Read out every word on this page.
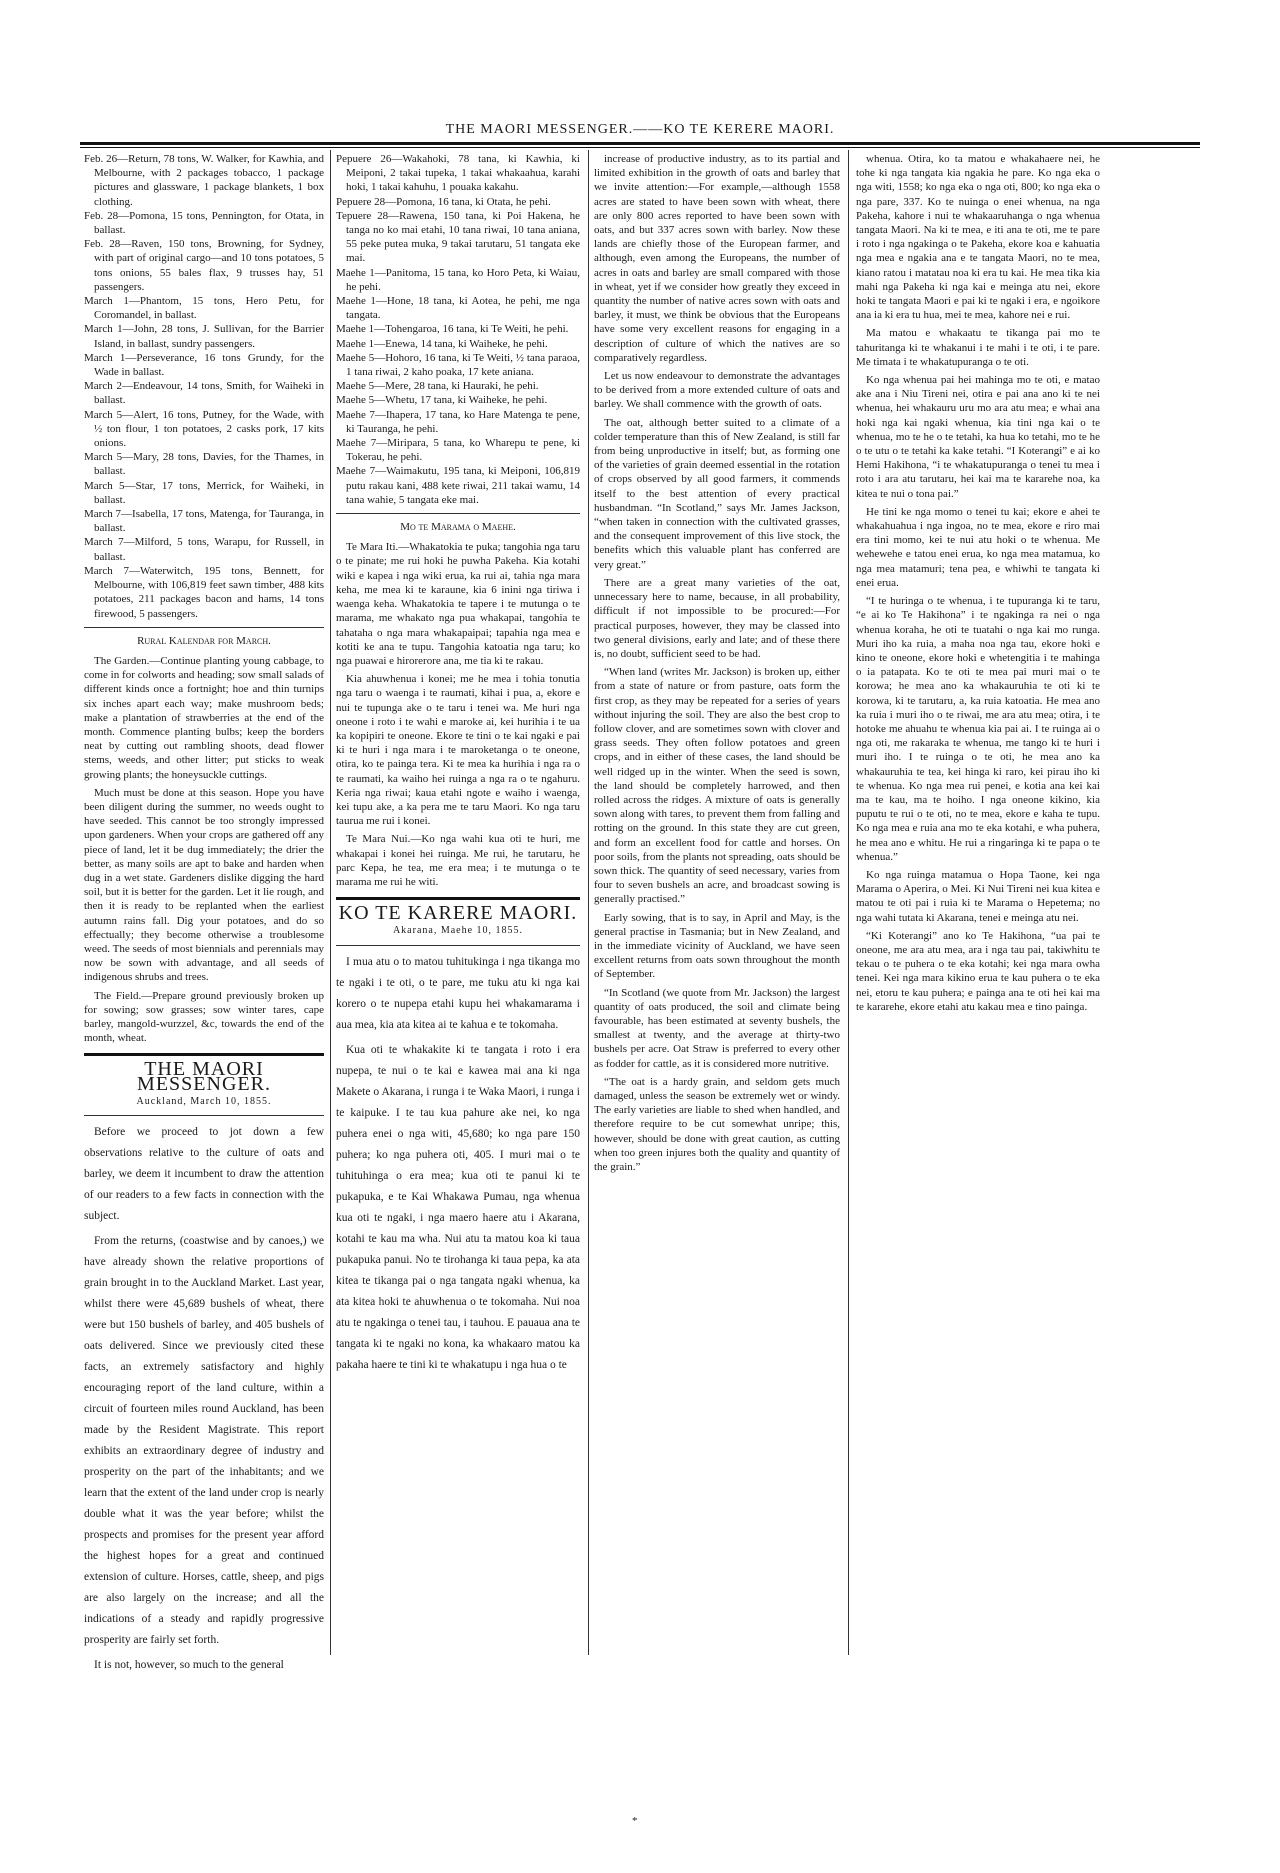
THE MAORI MESSENGER.——KO TE KERERE MAORI.

Feb. 26—Return, 78 tons, W. Walker, for Kawhia, and Melbourne, with 2 packages tobacco, 1 package pictures and glassware, 1 package blankets, 1 box clothing.

Feb. 28—Pomona, 15 tons, Pennington, for Otata, in ballast.

Feb. 28—Raven, 150 tons, Browning, for Sydney, with part of original cargo—and 10 tons potatoes, 5 tons onions, 55 bales flax, 9 trusses hay, 51 passengers.

March 1—Phantom, 15 tons, Hero Petu, for Coromandel, in ballast.

March 1—John, 28 tons, J. Sullivan, for the Barrier Island, in ballast, sundry passengers.

March 1—Perseverance, 16 tons Grundy, for the Wade in ballast.

March 2—Endeavour, 14 tons, Smith, for Waiheki in ballast.

March 5—Alert, 16 tons, Putney, for the Wade, with ½ ton flour, 1 ton potatoes, 2 casks pork, 17 kits onions.

March 5—Mary, 28 tons, Davies, for the Thames, in ballast.

March 5—Star, 17 tons, Merrick, for Waiheki, in ballast.

March 7—Isabella, 17 tons, Matenga, for Tauranga, in ballast.

March 7—Milford, 5 tons, Warapu, for Russell, in ballast.

March 7—Waterwitch, 195 tons, Bennett, for Melbourne, with 106,819 feet sawn timber, 488 kits potatoes, 211 packages bacon and hams, 14 tons firewood, 5 passengers.

Rural Kalendar for March.

The Garden.—Continue planting young cabbage, to come in for colworts and heading; sow small salads of different kinds once a fortnight; hoe and thin turnips six inches apart each way; make mushroom beds; make a plantation of strawberries at the end of the month. Commence planting bulbs; keep the borders neat by cutting out rambling shoots, dead flower stems, weeds, and other litter; put sticks to weak growing plants; the honeysuckle cuttings.

Much must be done at this season. Hope you have been diligent during the summer, no weeds ought to have seeded. This cannot be too strongly impressed upon gardeners. When your crops are gathered off any piece of land, let it be dug immediately; the drier the better, as many soils are apt to bake and harden when dug in a wet state. Gardeners dislike digging the hard soil, but it is better for the garden. Let it lie rough, and then it is ready to be replanted when the earliest autumn rains fall. Dig your potatoes, and do so effectually; they become otherwise a troublesome weed. The seeds of most biennials and perennials may now be sown with advantage, and all seeds of indigenous shrubs and trees.

The Field.—Prepare ground previously broken up for sowing; sow grasses; sow winter tares, cape barley, mangold-wurzzel, &c, towards the end of the month, wheat.

THE MAORI MESSENGER.
Auckland, March 10, 1855.

Before we proceed to jot down a few observations relative to the culture of oats and barley, we deem it incumbent to draw the attention of our readers to a few facts in connection with the subject.

From the returns, (coastwise and by canoes,) we have already shown the relative proportions of grain brought in to the Auckland Market. Last year, whilst there were 45,689 bushels of wheat, there were but 150 bushels of barley, and 405 bushels of oats delivered. Since we previously cited these facts, an extremely satisfactory and highly encouraging report of the land culture, within a circuit of fourteen miles round Auckland, has been made by the Resident Magistrate. This report exhibits an extraordinary degree of industry and prosperity on the part of the inhabitants; and we learn that the extent of the land under crop is nearly double what it was the year before; whilst the prospects and promises for the present year afford the highest hopes for a great and continued extension of culture. Horses, cattle, sheep, and pigs are also largely on the increase; and all the indications of a steady and rapidly progressive prosperity are fairly set forth.

It is not, however, so much to the general

Pepuere 26—Wakahoki, 78 tana, ki Kawhia, ki Meiponi, 2 takai tupeka, 1 takai whakaahua, karahi hoki, 1 takai kahuhu, 1 pouaka kakahu.

Pepuere 28—Pomona, 16 tana, ki Otata, he pehi.

Tepuere 28—Rawena, 150 tana, ki Poi Hakena, he tanga no ko mai etahi, 10 tana riwai, 10 tana aniana, 55 peke putea muka, 9 takai tarutaru, 51 tangata eke mai.

Maehe 1—Panitoma, 15 tana, ko Horo Peta, ki Waiau, he pehi.

Maehe 1—Hone, 18 tana, ki Aotea, he pehi, me nga tangata.

Maehe 1—Tohengaroa, 16 tana, ki Te Weiti, he pehi.

Maehe 1—Enewa, 14 tana, ki Waiheke, he pehi.

Maehe 5—Hohoro, 16 tana, ki Te Weiti, ½ tana paraoa, 1 tana riwai, 2 kaho poaka, 17 kete aniana.

Maehe 5—Mere, 28 tana, ki Hauraki, he pehi.

Maehe 5—Whetu, 17 tana, ki Waiheke, he pehi.

Maehe 7—Ihapera, 17 tana, ko Hare Matenga te pene, ki Tauranga, he pehi.

Maehe 7—Miripara, 5 tana, ko Wharepu te pene, ki Tokerau, he pehi.

Maehe 7—Waimakutu, 195 tana, ki Meiponi, 106,819 putu rakau kani, 488 kete riwai, 211 takai wamu, 14 tana wahie, 5 tangata eke mai.

Mo te Marama o Maehe.

Te Mara Iti.—Whakatokia te puka; tangohia nga taru o te pinate; me rui hoki he puwha Pakeha. Kia kotahi wiki e kapea i nga wiki erua, ka rui ai, tahia nga mara keha, me mea ki te karaune, kia 6 inini nga tiriwa i waenga keha. Whakatokia te tapere i te mutunga o te marama, me whakato nga pua whakapai, tangohia te tahataha o nga mara whakapaipai; tapahia nga mea e kotiti ke ana te tupu. Tangohia katoatia nga taru; ko nga puawai e hirorerore ana, me tia ki te rakau.

Kia ahuwhenua i konei; me he mea i tohia tonutia nga taru o waenga i te raumati, kihai i pua, a, ekore e nui te tupunga ake o te taru i tenei wa. Me huri nga oneone i roto i te wahi e maroke ai, kei hurihia i te ua ka kopipiri te oneone. Ekore te tini o te kai ngaki e pai ki te huri i nga mara i te maroketanga o te oneone, otira, ko te painga tera. Ki te mea ka hurihia i nga ra o te raumati, ka waiho hei ruinga a nga ra o te ngahuru. Keria nga riwai; kaua etahi ngote e waiho i waenga, kei tupu ake, a ka pera me te taru Maori. Ko nga taru taurua me rui i konei.

Te Mara Nui.—Ko nga wahi kua oti te huri, me whakapai i konei hei ruinga. Me rui, he tarutaru, he parc Kepa, he tea, me era mea; i te mutunga o te marama me rui he witi.

KO TE KARERE MAORI.
Akarana, Maehe 10, 1855.

I mua atu o to matou tuhitukinga i nga tikanga mo te ngaki i te oti, o te pare, me tuku atu ki nga kai korero o te nupepa etahi kupu hei whakamarama i aua mea, kia ata kitea ai te kahua e te tokomaha.

Kua oti te whakakite ki te tangata i roto i era nupepa, te nui o te kai e kawea mai ana ki nga Makete o Akarana, i runga i te Waka Maori, i runga i te kaipuke. I te tau kua pahure ake nei, ko nga puhera enei o nga witi, 45,680; ko nga pare 150 puhera; ko nga puhera oti, 405. I muri mai o te tuhituhinga o era mea; kua oti te panui ki te pukapuka, e te Kai Whakawa Pumau, nga whenua kua oti te ngaki, i nga maero haere atu i Akarana, kotahi te kau ma wha. Nui atu ta matou koa ki taua pukapuka panui. No te tirohanga ki taua pepa, ka ata kitea te tikanga pai o nga tangata ngaki whenua, ka ata kitea hoki te ahuwhenua o te tokomaha. Nui noa atu te ngakinga o tenei tau, i tauhou. E pauaua ana te tangata ki te ngaki no kona, ka whakaaro matou ka pakaha haere te tini ki te whakatupu i nga hua o te

increase of productive industry, as to its partial and limited exhibition in the growth of oats and barley that we invite attention:—For example,—although 1558 acres are stated to have been sown with wheat, there are only 800 acres reported to have been sown with oats, and but 337 acres sown with barley. Now these lands are chiefly those of the European farmer, and although, even among the Europeans, the number of acres in oats and barley are small compared with those in wheat, yet if we consider how greatly they exceed in quantity the number of native acres sown with oats and barley, it must, we think be obvious that the Europeans have some very excellent reasons for engaging in a description of culture of which the natives are so comparatively regardless.

Let us now endeavour to demonstrate the advantages to be derived from a more extended culture of oats and barley. We shall commence with the growth of oats.

The oat, although better suited to a climate of a colder temperature than this of New Zealand, is still far from being unproductive in itself; but, as forming one of the varieties of grain deemed essential in the rotation of crops observed by all good farmers, it commends itself to the best attention of every practical husbandman. “In Scotland,” says Mr. James Jackson, “when taken in connection with the cultivated grasses, and the consequent improvement of this live stock, the benefits which this valuable plant has conferred are very great.”

There are a great many varieties of the oat, unnecessary here to name, because, in all probability, difficult if not impossible to be procured:—For practical purposes, however, they may be classed into two general divisions, early and late; and of these there is, no doubt, sufficient seed to be had.

“When land (writes Mr. Jackson) is broken up, either from a state of nature or from pasture, oats form the first crop, as they may be repeated for a series of years without injuring the soil. They are also the best crop to follow clover, and are sometimes sown with clover and grass seeds. They often follow potatoes and green crops, and in either of these cases, the land should be well ridged up in the winter. When the seed is sown, the land should be completely harrowed, and then rolled across the ridges. A mixture of oats is generally sown along with tares, to prevent them from falling and rotting on the ground. In this state they are cut green, and form an excellent food for cattle and horses. On poor soils, from the plants not spreading, oats should be sown thick. The quantity of seed necessary, varies from four to seven bushels an acre, and broadcast sowing is generally practised.”

Early sowing, that is to say, in April and May, is the general practise in Tasmania; but in New Zealand, and in the immediate vicinity of Auckland, we have seen excellent returns from oats sown throughout the month of September.

“In Scotland (we quote from Mr. Jackson) the largest quantity of oats produced, the soil and climate being favourable, has been estimated at seventy bushels, the smallest at twenty, and the average at thirty-two bushels per acre. Oat Straw is preferred to every other as fodder for cattle, as it is considered more nutritive.

“The oat is a hardy grain, and seldom gets much damaged, unless the season be extremely wet or windy. The early varieties are liable to shed when handled, and therefore require to be cut somewhat unripe; this, however, should be done with great caution, as cutting when too green injures both the quality and quantity of the grain.”

whenua. Otira, ko ta matou e whakahaere nei, he tohe ki nga tangata kia ngakia he pare. Ko nga eka o nga witi, 1558; ko nga eka o nga oti, 800; ko nga eka o nga pare, 337. Ko te nuinga o enei whenua, na nga Pakeha, kahore i nui te whakaaruhanga o nga whenua tangata Maori. Na ki te mea, e iti ana te oti, me te pare i roto i nga ngakinga o te Pakeha, ekore koa e kahuatia nga mea e ngakia ana e te tangata Maori, no te mea, kiano ratou i matatau noa ki era tu kai. He mea tika kia mahi nga Pakeha ki nga kai e meinga atu nei, ekore hoki te tangata Maori e pai ki te ngaki i era, e ngoikore ana ia ki era tu hua, mei te mea, kahore nei e rui.

Ma matou e whakaatu te tikanga pai mo te tahuritanga ki te whakanui i te mahi i te oti, i te pare. Me timata i te whakatupuranga o te oti.

Ko nga whenua pai hei mahinga mo te oti, e matao ake ana i Niu Tireni nei, otira e pai ana ano ki te nei whenua, hei whakauru uru mo ara atu mea; e whai ana hoki nga kai ngaki whenua, kia tini nga kai o te whenua, mo te he o te tetahi, ka hua ko tetahi, mo te he o te utu o te tetahi ka kake tetahi. “I Koterangi” e ai ko Hemi Hakihona, “i te whakatupuranga o tenei tu mea i roto i ara atu tarutaru, hei kai ma te kararehe noa, ka kitea te nui o tona pai.”

He tini ke nga momo o tenei tu kai; ekore e ahei te whakahuahua i nga ingoa, no te mea, ekore e riro mai era tini momo, kei te nui atu hoki o te whenua. Me wehewehe e tatou enei erua, ko nga mea matamua, ko nga mea matamuri; tena pea, e whiwhi te tangata ki enei erua.

“I te huringa o te whenua, i te tupuranga ki te taru, “e ai ko Te Hakihona” i te ngakinga ra nei o nga whenua koraha, he oti te tuatahi o nga kai mo runga. Muri iho ka ruia, a maha noa nga tau, ekore hoki e kino te oneone, ekore hoki e whetengitia i te mahinga o ia patapata. Ko te oti te mea pai muri mai o te korowa; he mea ano ka whakauruhia te oti ki te korowa, ki te tarutaru, a, ka ruia katoatia. He mea ano ka ruia i muri iho o te riwai, me ara atu mea; otira, i te hotoke me ahuahu te whenua kia pai ai. I te ruinga ai o nga oti, me rakaraka te whenua, me tango ki te huri i muri iho. I te ruinga o te oti, he mea ano ka whakauruhia te tea, kei hinga ki raro, kei pirau iho ki te whenua. Ko nga mea rui penei, e kotia ana kei kai ma te kau, ma te hoiho. I nga oneone kikino, kia puputu te rui o te oti, no te mea, ekore e kaha te tupu. Ko nga mea e ruia ana mo te eka kotahi, e wha puhera, he mea ano e whitu. He rui a ringaringa ki te papa o te whenua.”

Ko nga ruinga matamua o Hopa Taone, kei nga Marama o Aperira, o Mei. Ki Nui Tireni nei kua kitea e matou te oti pai i ruia ki te Marama o Hepetema; no nga wahi tutata ki Akarana, tenei e meinga atu nei.

“Ki Koterangi” ano ko Te Hakihona, “ua pai te oneone, me ara atu mea, ara i nga tau pai, takiwhitu te tekau o te puhera o te eka kotahi; kei nga mara owha tenei. Kei nga mara kikino erua te kau puhera o te eka nei, etoru te kau puhera; e painga ana te oti hei kai ma te kararehe, ekore etahi atu kakau mea e tino painga.

*
